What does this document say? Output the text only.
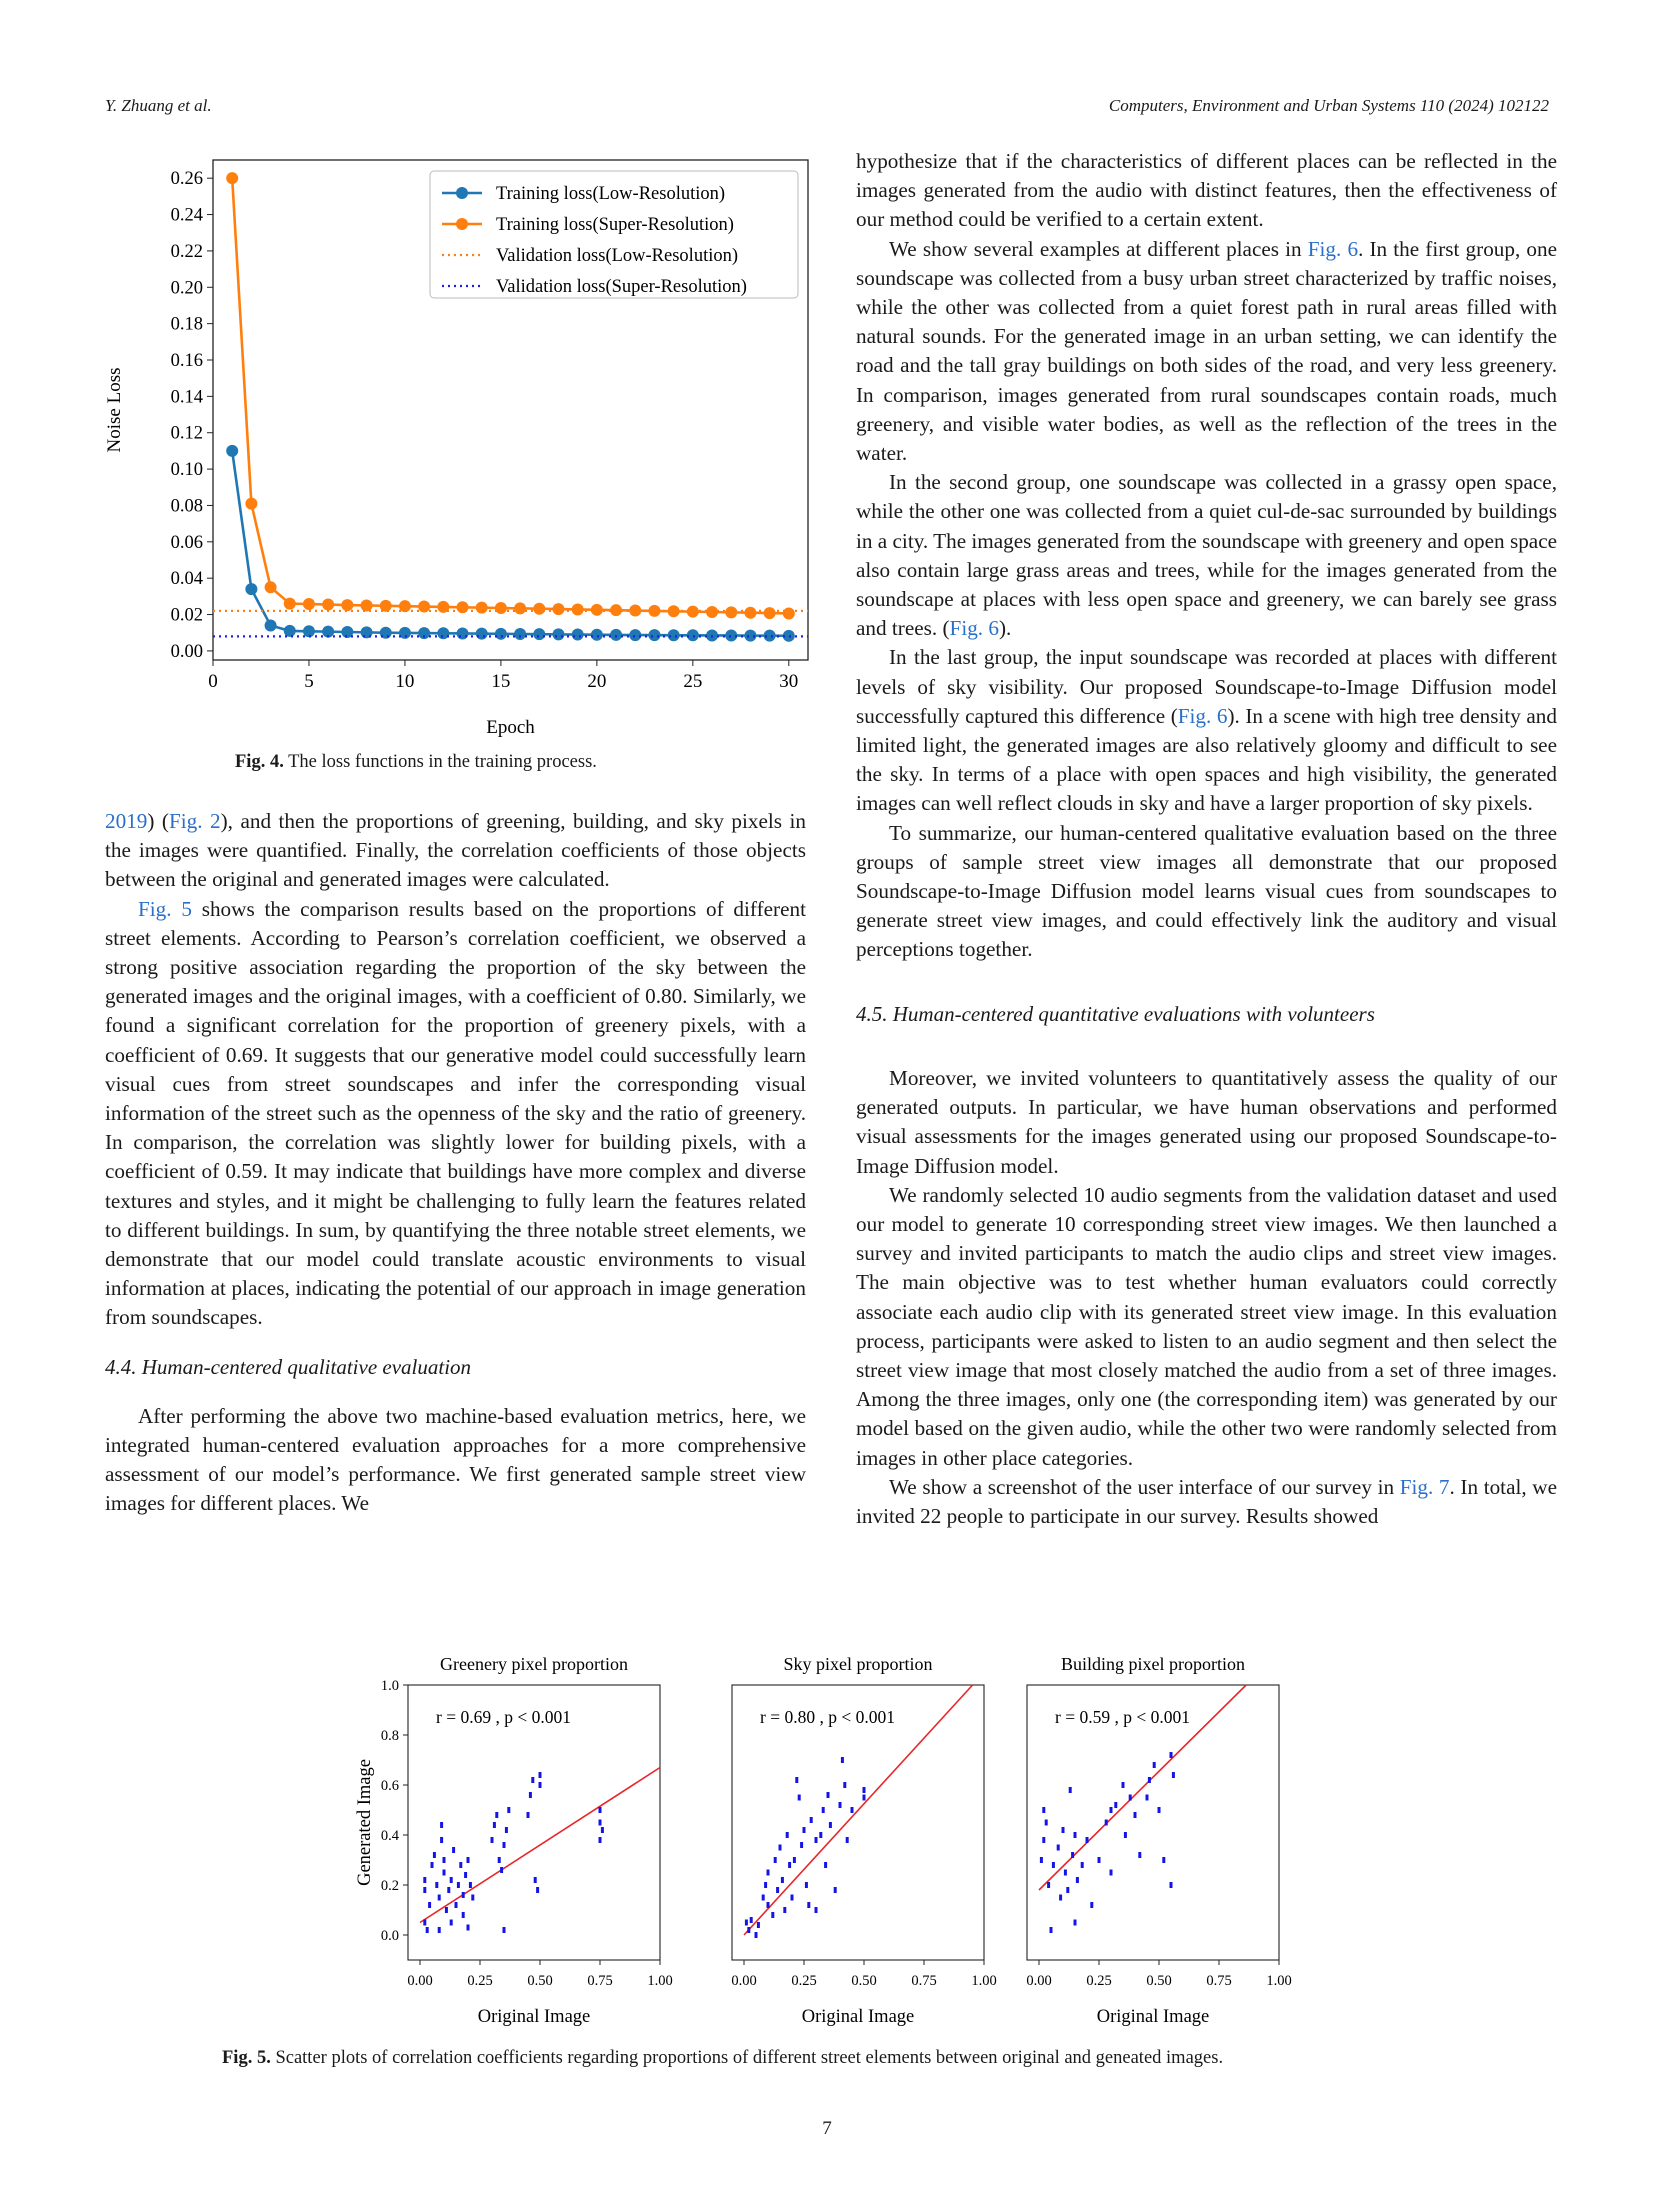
Y. Zhuang et al.	Computers, Environment and Urban Systems 110 (2024) 102122
0	5	10	15	20	25	30
0.00
0.02
0.04
0.06
0.08
0.10
0.12
0.14
0.16
0.18
0.20
0.22
0.24
0.26
Epoch
Noise Loss
Training loss(Low-Resolution)
Training loss(Super-Resolution)
Validation loss(Low-Resolution)
Validation loss(Super-Resolution)
Fig. 4. The loss functions in the training process.

2019) (Fig. 2), and then the proportions of greening, building, and sky pixels in the images were quantified. Finally, the correlation coefficients of those objects between the original and generated images were calculated.

Fig. 5 shows the comparison results based on the proportions of different street elements. According to Pearson’s correlation coefficient, we observed a strong positive association regarding the proportion of the sky between the generated images and the original images, with a coefficient of 0.80. Similarly, we found a significant correlation for the proportion of greenery pixels, with a coefficient of 0.69. It suggests that our generative model could successfully learn visual cues from street soundscapes and infer the corresponding visual information of the street such as the openness of the sky and the ratio of greenery. In comparison, the correlation was slightly lower for building pixels, with a coefficient of 0.59. It may indicate that buildings have more complex and diverse textures and styles, and it might be challenging to fully learn the features related to different buildings. In sum, by quantifying the three notable street elements, we demonstrate that our model could translate acoustic environments to visual information at places, indicating the potential of our approach in image generation from soundscapes.

4.4. Human-centered qualitative evaluation

After performing the above two machine-based evaluation metrics, here, we integrated human-centered evaluation approaches for a more comprehensive assessment of our model’s performance. We first generated sample street view images for different places. We

hypothesize that if the characteristics of different places can be reflected in the images generated from the audio with distinct features, then the effectiveness of our method could be verified to a certain extent.

We show several examples at different places in Fig. 6. In the first group, one soundscape was collected from a busy urban street characterized by traffic noises, while the other was collected from a quiet forest path in rural areas filled with natural sounds. For the generated image in an urban setting, we can identify the road and the tall gray buildings on both sides of the road, and very less greenery. In comparison, images generated from rural soundscapes contain roads, much greenery, and visible water bodies, as well as the reflection of the trees in the water.

In the second group, one soundscape was collected in a grassy open space, while the other one was collected from a quiet cul-de-sac surrounded by buildings in a city. The images generated from the soundscape with greenery and open space also contain large grass areas and trees, while for the images generated from the soundscape at places with less open space and greenery, we can barely see grass and trees. (Fig. 6).

In the last group, the input soundscape was recorded at places with different levels of sky visibility. Our proposed Soundscape-to-Image Diffusion model successfully captured this difference (Fig. 6). In a scene with high tree density and limited light, the generated images are also relatively gloomy and difficult to see the sky. In terms of a place with open spaces and high visibility, the generated images can well reflect clouds in sky and have a larger proportion of sky pixels.

To summarize, our human-centered qualitative evaluation based on the three groups of sample street view images all demonstrate that our proposed Soundscape-to-Image Diffusion model learns visual cues from soundscapes to generate street view images, and could effectively link the auditory and visual perceptions together.

4.5. Human-centered quantitative evaluations with volunteers

Moreover, we invited volunteers to quantitatively assess the quality of our generated outputs. In particular, we have human observations and performed visual assessments for the images generated using our proposed Soundscape-to-Image Diffusion model.

We randomly selected 10 audio segments from the validation dataset and used our model to generate 10 corresponding street view images. We then launched a survey and invited participants to match the audio clips and street view images. The main objective was to test whether human evaluators could correctly associate each audio clip with its generated street view image. In this evaluation process, participants were asked to listen to an audio segment and then select the street view image that most closely matched the audio from a set of three images. Among the three images, only one (the corresponding item) was generated by our model based on the given audio, while the other two were randomly selected from images in other place categories.

We show a screenshot of the user interface of our survey in Fig. 7. In total, we invited 22 people to participate in our survey. Results showed

Greenery pixel proportion
0.00 0.25 0.50 0.75 1.00
0.0
0.2
0.4
0.6
0.8
1.0
Original Image
Generated Image
r = 0.69 , p < 0.001
Sky pixel proportion
0.00 0.25 0.50 0.75 1.00
Original Image
r = 0.80 , p < 0.001
Building pixel proportion
0.00 0.25 0.50 0.75 1.00
Original Image
r = 0.59 , p < 0.001
Fig. 5. Scatter plots of correlation coefficients regarding proportions of different street elements between original and geneated images.
7
